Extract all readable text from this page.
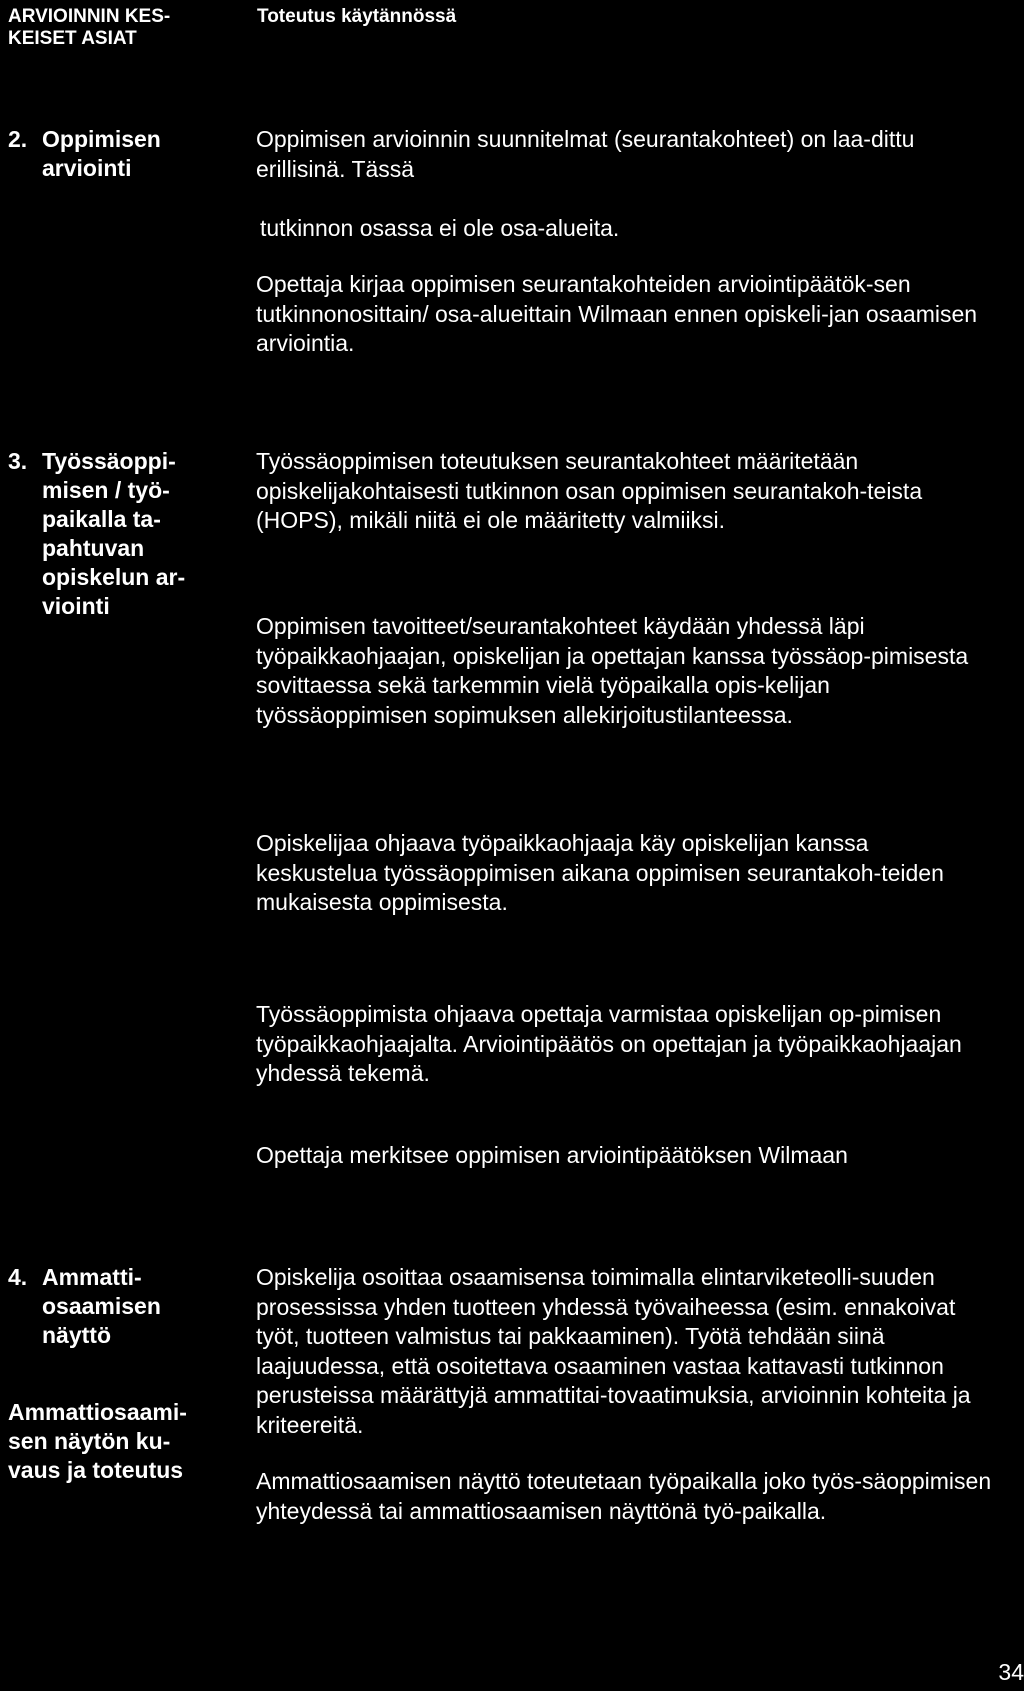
ARVIOINNIN KES-
KEISET ASIAT
Toteutus käytännössä
2. Oppimisen
arviointi
Oppimisen arvioinnin suunnitelmat (seurantakohteet) on laa-dittu erillisinä. Tässä
tutkinnon osassa ei ole osa-alueita.
Opettaja kirjaa oppimisen seurantakohteiden arviointipäätök-sen tutkinnonosittain/ osa-alueittain Wilmaan ennen opiskeli-jan osaamisen arviointia.
3. Työssäoppi-
misen / työ-
paikalla ta-
pahtuvan
opiskelun ar-
viointi
Työssäoppimisen toteutuksen seurantakohteet määritetään opiskelijakohtaisesti tutkinnon osan oppimisen seurantakoh-teista (HOPS), mikäli niitä ei ole määritetty valmiiksi.
Oppimisen tavoitteet/seurantakohteet käydään yhdessä läpi työpaikkaohjaajan, opiskelijan ja opettajan kanssa työssäop-pimisesta sovittaessa sekä tarkemmin vielä työpaikalla opis-kelijan työssäoppimisen sopimuksen allekirjoitustilanteessa.
Opiskelijaa ohjaava työpaikkaohjaaja käy opiskelijan kanssa keskustelua työssäoppimisen aikana oppimisen seurantakoh-teiden mukaisesta oppimisesta.
Työssäoppimista ohjaava opettaja varmistaa opiskelijan op-pimisen työpaikkaohjaajalta. Arviointipäätös on opettajan ja työpaikkaohjaajan yhdessä tekemä.
Opettaja merkitsee oppimisen arviointipäätöksen Wilmaan
4. Ammatti-
osaamisen
näyttö
Ammattiosaami-
sen näytön ku-
vaus ja toteutus
Opiskelija osoittaa osaamisensa toimimalla elintarviketeolli-suuden prosessissa yhden tuotteen yhdessä työvaiheessa (esim. ennakoivat työt, tuotteen valmistus tai pakkaaminen). Työtä tehdään siinä laajuudessa, että osoitettava osaaminen vastaa kattavasti tutkinnon perusteissa määrättyjä ammattitai-tovaatimuksia, arvioinnin kohteita ja kriteereitä.
Ammattiosaamisen näyttö toteutetaan työpaikalla joko työs-säoppimisen yhteydessä tai ammattiosaamisen näyttönä työ-paikalla.
34
